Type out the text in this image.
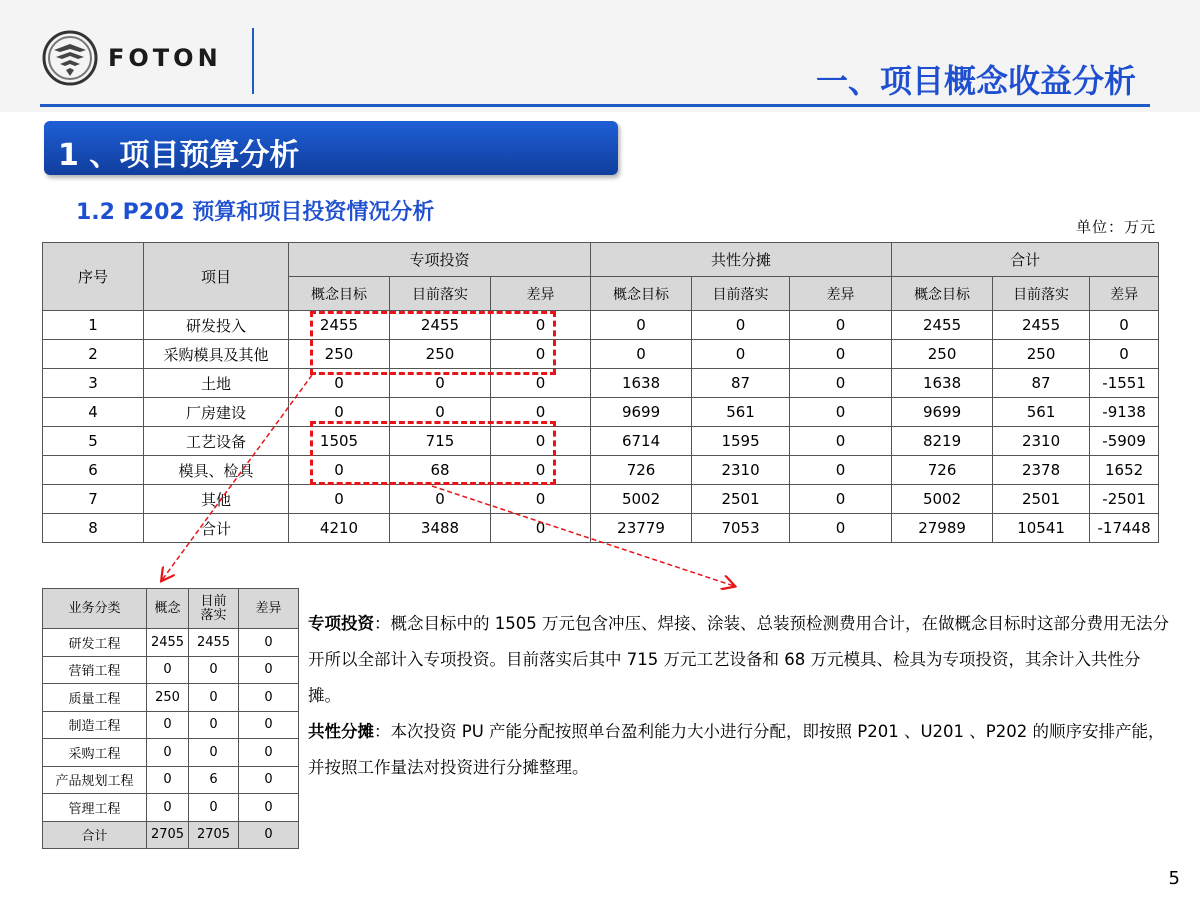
FOTON
一、项目概念收益分析
1 、项目预算分析
1.2 P202 预算和项目投资情况分析
单位：万元
序号	项目	专项投资			共性分摊			合计		
		概念目标	目前落实	差异	概念目标	目前落实	差异	概念目标	目前落实	差异
1	研发投入	2455	2455	0	0	0	0	2455	2455	0
2	采购模具及其他	250	250	0	0	0	0	250	250	0
3	土地	0	0	0	1638	87	0	1638	87	-1551
4	厂房建设	0	0	0	9699	561	0	9699	561	-9138
5	工艺设备	1505	715	0	6714	1595	0	8219	2310	-5909
6	模具、检具	0	68	0	726	2310	0	726	2378	1652
7	其他	0	0	0	5002	2501	0	5002	2501	-2501
8	合计	4210	3488	0	23779	7053	0	27989	10541	-17448
业务分类	概念	目前落实	差异
研发工程	2455	2455	0
营销工程	0	0	0
质量工程	250	0	0
制造工程	0	0	0
采购工程	0	0	0
产品规划工程	0	6	0
管理工程	0	0	0
合计	2705	2705	0

专项投资：概念目标中的 1505 万元包含冲压、焊接、涂装、总装预检测费用合计，在做概念目标时这部分费用无法分开所以全部计入专项投资。目前落实后其中 715 万元工艺设备和 68 万元模具、检具为专项投资，其余计入共性分摊。

共性分摊：本次投资 PU 产能分配按照单台盈利能力大小进行分配，即按照 P201 、U201 、P202 的顺序安排产能，并按照工作量法对投资进行分摊整理。

5
